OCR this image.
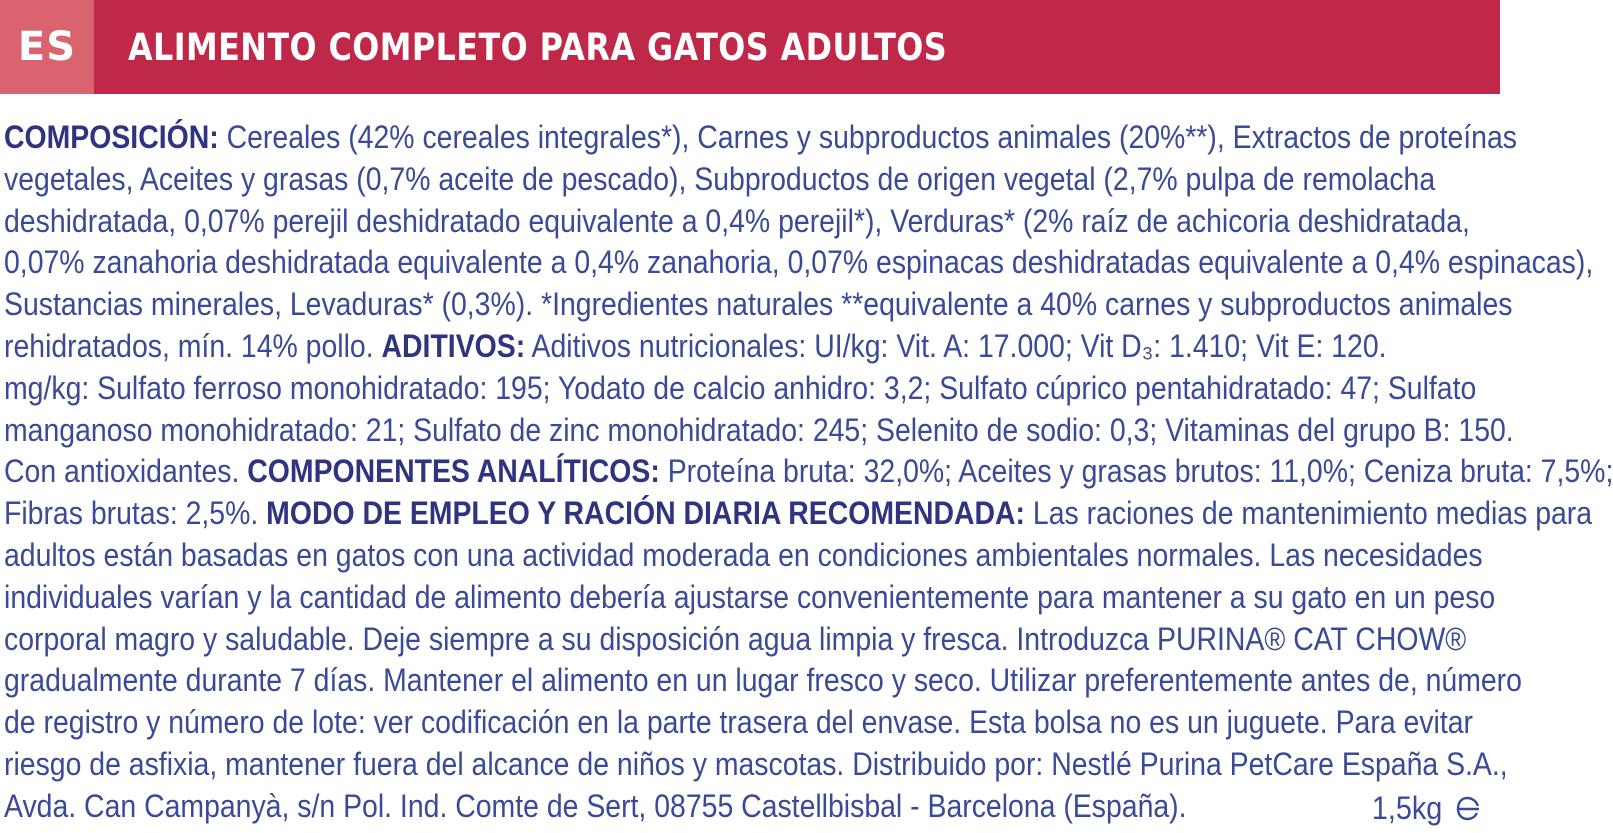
ES ALIMENTO COMPLETO PARA GATOS ADULTOS
COMPOSICIÓN: Cereales (42% cereales integrales*), Carnes y subproductos animales (20%**), Extractos de proteínas
vegetales, Aceites y grasas (0,7% aceite de pescado), Subproductos de origen vegetal (2,7% pulpa de remolacha
deshidratada, 0,07% perejil deshidratado equivalente a 0,4% perejil*), Verduras* (2% raíz de achicoria deshidratada,
0,07% zanahoria deshidratada equivalente a 0,4% zanahoria, 0,07% espinacas deshidratadas equivalente a 0,4% espinacas),
Sustancias minerales, Levaduras* (0,3%). *Ingredientes naturales **equivalente a 40% carnes y subproductos animales
rehidratados, mín. 14% pollo. ADITIVOS: Aditivos nutricionales: UI/kg: Vit. A: 17.000; Vit D₃: 1.410; Vit E: 120.
mg/kg: Sulfato ferroso monohidratado: 195; Yodato de calcio anhidro: 3,2; Sulfato cúprico pentahidratado: 47; Sulfato
manganoso monohidratado: 21; Sulfato de zinc monohidratado: 245; Selenito de sodio: 0,3; Vitaminas del grupo B: 150.
Con antioxidantes. COMPONENTES ANALÍTICOS: Proteína bruta: 32,0%; Aceites y grasas brutos: 11,0%; Ceniza bruta: 7,5%;
Fibras brutas: 2,5%. MODO DE EMPLEO Y RACIÓN DIARIA RECOMENDADA: Las raciones de mantenimiento medias para
adultos están basadas en gatos con una actividad moderada en condiciones ambientales normales. Las necesidades
individuales varían y la cantidad de alimento debería ajustarse convenientemente para mantener a su gato en un peso
corporal magro y saludable. Deje siempre a su disposición agua limpia y fresca. Introduzca PURINA® CAT CHOW®
gradualmente durante 7 días. Mantener el alimento en un lugar fresco y seco. Utilizar preferentemente antes de, número
de registro y número de lote: ver codificación en la parte trasera del envase. Esta bolsa no es un juguete. Para evitar
riesgo de asfixia, mantener fuera del alcance de niños y mascotas. Distribuido por: Nestlé Purina PetCare España S.A.,
Avda. Can Campanyà, s/n Pol. Ind. Comte de Sert, 08755 Castellbisbal - Barcelona (España).	1,5kg
